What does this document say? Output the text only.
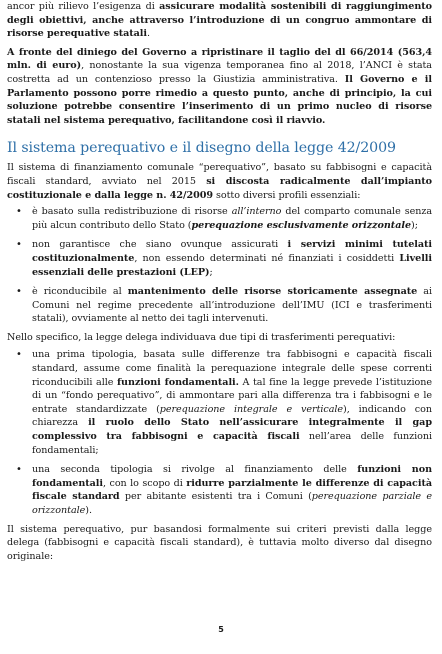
ancor più rilievo l’esigenza di assicurare modalità sostenibili di raggiungimento degli obiettivi, anche attraverso l’introduzione di un congruo ammontare di risorse perequative statali.

A fronte del diniego del Governo a ripristinare il taglio del dl 66/2014 (563,4 mln. di euro), nonostante la sua vigenza temporanea fino al 2018, l’ANCI è stata costretta ad un contenzioso presso la Giustizia amministrativa. Il Governo e il Parlamento possono porre rimedio a questo punto, anche di principio, la cui soluzione potrebbe consentire l’inserimento di un primo nucleo di risorse statali nel sistema perequativo, facilitandone così il riavvio.

Il sistema perequativo e il disegno della legge 42/2009

Il sistema di finanziamento comunale “perequativo”, basato su fabbisogni e capacità fiscali standard, avviato nel 2015 si discosta radicalmente dall’impianto costituzionale e dalla legge n. 42/2009 sotto diversi profili essenziali:

• è basato sulla redistribuzione di risorse all’interno del comparto comunale senza più alcun contributo dello Stato (perequazione esclusivamente orizzontale);
• non garantisce che siano ovunque assicurati i servizi minimi tutelati costituzionalmente, non essendo determinati né finanziati i cosiddetti Livelli essenziali delle prestazioni (LEP);
• è riconducibile al mantenimento delle risorse storicamente assegnate ai Comuni nel regime precedente all’introduzione dell’IMU (ICI e trasferimenti statali), ovviamente al netto dei tagli intervenuti.

Nello specifico, la legge delega individuava due tipi di trasferimenti perequativi:

• una prima tipologia, basata sulle differenze tra fabbisogni e capacità fiscali standard, assume come finalità la perequazione integrale delle spese correnti riconducibili alle funzioni fondamentali. A tal fine la legge prevede l’istituzione di un “fondo perequativo”, di ammontare pari alla differenza tra i fabbisogni e le entrate standardizzate (perequazione integrale e verticale), indicando con chiarezza il ruolo dello Stato nell’assicurare integralmente il gap complessivo tra fabbisogni e capacità fiscali nell’area delle funzioni fondamentali;
• una seconda tipologia si rivolge al finanziamento delle funzioni non fondamentali, con lo scopo di ridurre parzialmente le differenze di capacità fiscale standard per abitante esistenti tra i Comuni (perequazione parziale e orizzontale).

Il sistema perequativo, pur basandosi formalmente sui criteri previsti dalla legge delega (fabbisogni e capacità fiscali standard), è tuttavia molto diverso dal disegno originale:

5
